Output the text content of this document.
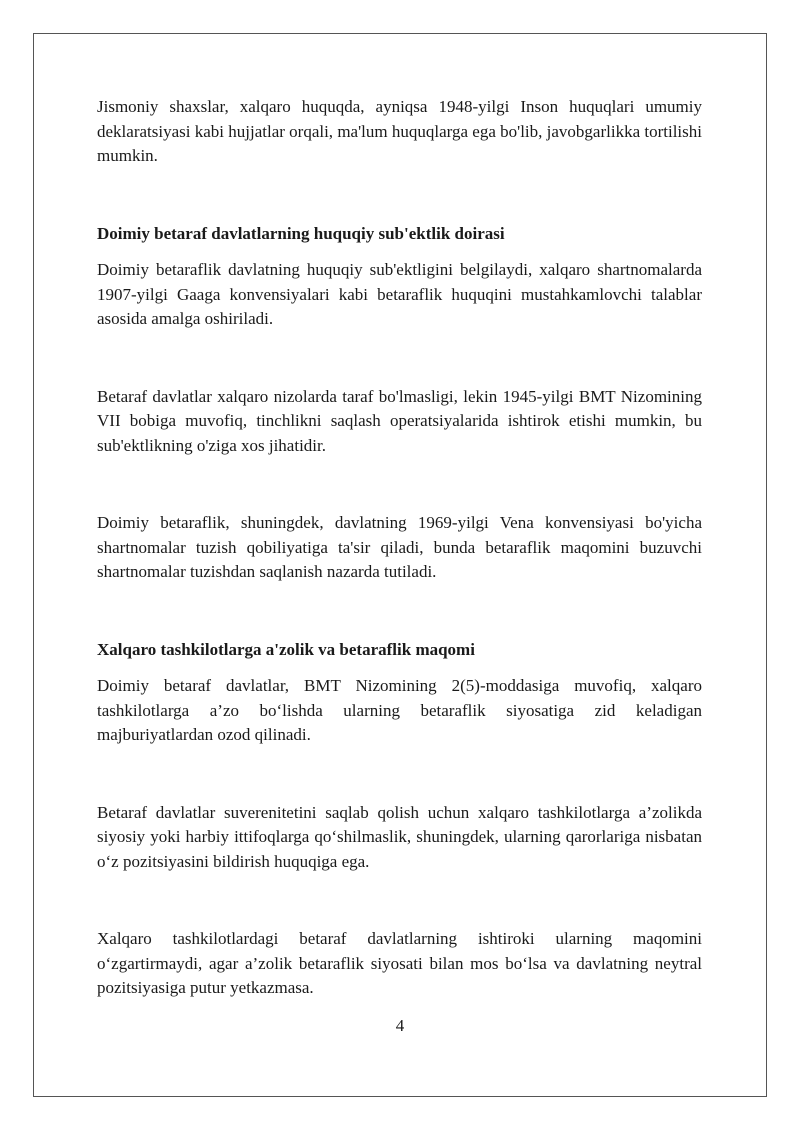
Jismoniy shaxslar, xalqaro huquqda, ayniqsa 1948-yilgi Inson huquqlari umumiy deklaratsiyasi kabi hujjatlar orqali, ma'lum huquqlarga ega bo'lib, javobgarlikka tortilishi mumkin.

Doimiy betaraf davlatlarning huquqiy sub'ektlik doirasi

Doimiy betaraflik davlatning huquqiy sub'ektligini belgilaydi, xalqaro shartnomalarda 1907-yilgi Gaaga konvensiyalari kabi betaraflik huquqini mustahkamlovchi talablar asosida amalga oshiriladi.

Betaraf davlatlar xalqaro nizolarda taraf bo'lmasligi, lekin 1945-yilgi BMT Nizomining VII bobiga muvofiq, tinchlikni saqlash operatsiyalarida ishtirok etishi mumkin, bu sub'ektlikning o'ziga xos jihatidir.

Doimiy betaraflik, shuningdek, davlatning 1969-yilgi Vena konvensiyasi bo'yicha shartnomalar tuzish qobiliyatiga ta'sir qiladi, bunda betaraflik maqomini buzuvchi shartnomalar tuzishdan saqlanish nazarda tutiladi.

Xalqaro tashkilotlarga a'zolik va betaraflik maqomi

Doimiy betaraf davlatlar, BMT Nizomining 2(5)-moddasiga muvofiq, xalqaro tashkilotlarga a’zo bo‘lishda ularning betaraflik siyosatiga zid keladigan majburiyatlardan ozod qilinadi.

Betaraf davlatlar suverenitetini saqlab qolish uchun xalqaro tashkilotlarga a’zolikda siyosiy yoki harbiy ittifoqlarga qo‘shilmaslik, shuningdek, ularning qarorlariga nisbatan o‘z pozitsiyasini bildirish huquqiga ega.

Xalqaro tashkilotlardagi betaraf davlatlarning ishtiroki ularning maqomini o‘zgartirmaydi, agar a’zolik betaraflik siyosati bilan mos bo‘lsa va davlatning neytral pozitsiyasiga putur yetkazmasa.

4
